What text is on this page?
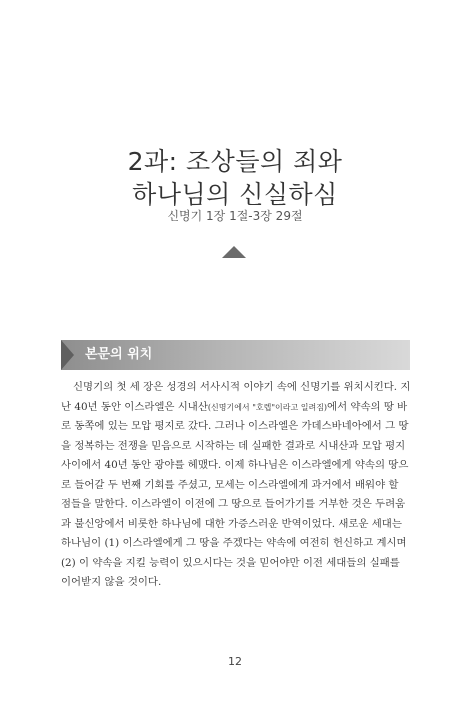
2과: 조상들의 죄와
하나님의 신실하심
신명기 1장 1절-3장 29절
본문의 위치
신명기의 첫 세 장은 성경의 서사시적 이야기 속에 신명기를 위치시킨다. 지
난 40년 동안 이스라엘은 시내산(신명기에서 "호렙"이라고 일려짐)에서 약속의 땅 바
로 동쪽에 있는 모압 평지로 갔다. 그러나 이스라엘은 가데스바네아에서 그 땅
을 정복하는 전쟁을 믿음으로 시작하는 데 실패한 결과로 시내산과 모압 평지
사이에서 40년 동안 광야를 헤맸다. 이제 하나님은 이스라엘에게 약속의 땅으
로 들어갈 두 번째 기회를 주셨고, 모세는 이스라엘에게 과거에서 배워야 할
점들을 말한다. 이스라엘이 이전에 그 땅으로 들어가기를 거부한 것은 두려움
과 불신앙에서 비롯한 하나님에 대한 가증스러운 반역이었다. 새로운 세대는
하나님이 (1) 이스라엘에게 그 땅을 주겠다는 약속에 여전히 헌신하고 계시며
(2) 이 약속을 지킬 능력이 있으시다는 것을 믿어야만 이전 세대들의 실패를
이어받지 않을 것이다.
12
